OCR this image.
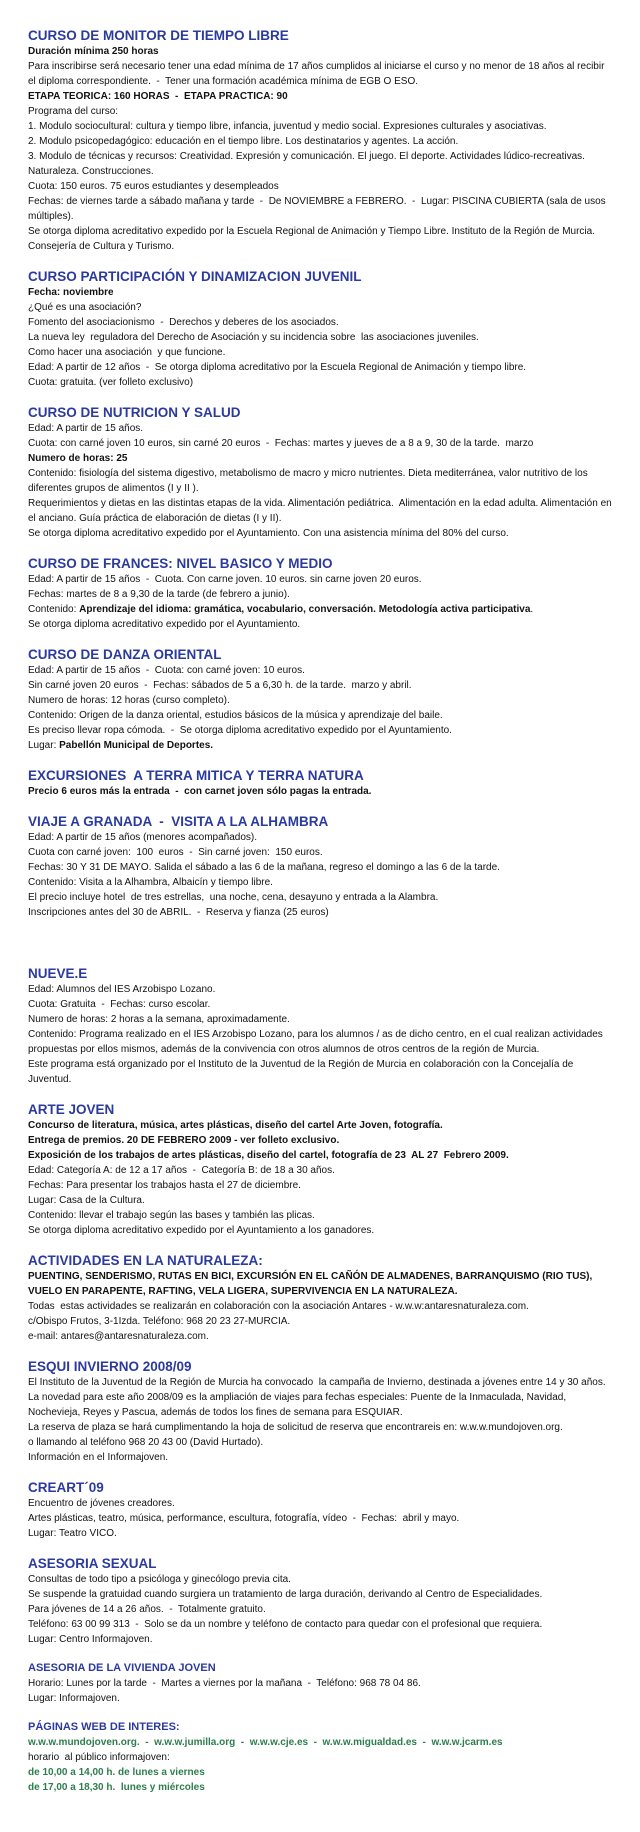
CURSO DE MONITOR DE TIEMPO LIBRE
Duración mínima 250 horas
Para inscribirse será necesario tener una edad mínima de 17 años cumplidos al iniciarse el curso y no menor de 18 años al recibir el diploma correspondiente.  -  Tener una formación académica mínima de EGB O ESO.
ETAPA TEORICA: 160 HORAS  -  ETAPA PRACTICA: 90
Programa del curso:
1. Modulo sociocultural: cultura y tiempo libre, infancia, juventud y medio social. Expresiones culturales y asociativas.
2. Modulo psicopedagógico: educación en el tiempo libre. Los destinatarios y agentes. La acción.
3. Modulo de técnicas y recursos: Creatividad. Expresión y comunicación. El juego. El deporte. Actividades lúdico-recreativas. Naturaleza. Construcciones.
Cuota: 150 euros. 75 euros estudiantes y desempleados
Fechas: de viernes tarde a sábado mañana y tarde  -  De NOVIEMBRE a FEBRERO.  -  Lugar: PISCINA CUBIERTA (sala de usos múltiples).
Se otorga diploma acreditativo expedido por la Escuela Regional de Animación y Tiempo Libre. Instituto de la Región de Murcia. Consejería de Cultura y Turismo.
CURSO PARTICIPACIÓN Y DINAMIZACION JUVENIL
Fecha: noviembre
¿Qué es una asociación?
Fomento del asociacionismo  -  Derechos y deberes de los asociados.
La nueva ley  reguladora del Derecho de Asociación y su incidencia sobre  las asociaciones juveniles.
Como hacer una asociación  y que funcione.
Edad: A partir de 12 años  -  Se otorga diploma acreditativo por la Escuela Regional de Animación y tiempo libre.
Cuota: gratuita. (ver folleto exclusivo)
CURSO DE NUTRICION Y SALUD
Edad: A partir de 15 años.
Cuota: con carné joven 10 euros, sin carné 20 euros  -  Fechas: martes y jueves de a 8 a 9, 30 de la tarde.  marzo
Numero de horas: 25
Contenido: fisiología del sistema digestivo, metabolismo de macro y micro nutrientes. Dieta mediterránea, valor nutritivo de los diferentes grupos de alimentos (I y II ).
Requerimientos y dietas en las distintas etapas de la vida. Alimentación pediátrica.  Alimentación en la edad adulta. Alimentación en el anciano. Guía práctica de elaboración de dietas (I y II).
Se otorga diploma acreditativo expedido por el Ayuntamiento. Con una asistencia mínima del 80% del curso.
CURSO DE FRANCES: NIVEL BASICO Y MEDIO
Edad: A partir de 15 años  -  Cuota. Con carne joven. 10 euros. sin carne joven 20 euros.
Fechas: martes de 8 a 9,30 de la tarde (de febrero a junio).
Contenido: Aprendizaje del idioma: gramática, vocabulario, conversación. Metodología activa participativa.
Se otorga diploma acreditativo expedido por el Ayuntamiento.
CURSO DE DANZA ORIENTAL
Edad: A partir de 15 años  -  Cuota: con carné joven: 10 euros.
Sin carné joven 20 euros  -  Fechas: sábados de 5 a 6,30 h. de la tarde.  marzo y abril.
Numero de horas: 12 horas (curso completo).
Contenido: Origen de la danza oriental, estudios básicos de la música y aprendizaje del baile.
Es preciso llevar ropa cómoda.  -  Se otorga diploma acreditativo expedido por el Ayuntamiento.
Lugar: Pabellón Municipal de Deportes.
EXCURSIONES  A TERRA MITICA Y TERRA NATURA
Precio 6 euros más la entrada  -  con carnet joven sólo pagas la entrada.
VIAJE A GRANADA  -  VISITA A LA ALHAMBRA
Edad: A partir de 15 años (menores acompañados).
Cuota con carné joven:  100  euros  -  Sin carné joven:  150 euros.
Fechas: 30 Y 31 DE MAYO. Salida el sábado a las 6 de la mañana, regreso el domingo a las 6 de la tarde.
Contenido: Visita a la Alhambra, Albaicín y tiempo libre.
El precio incluye hotel  de tres estrellas,  una noche, cena, desayuno y entrada a la Alambra.
Inscripciones antes del 30 de ABRIL.  -  Reserva y fianza (25 euros)
NUEVE.E
Edad: Alumnos del IES Arzobispo Lozano.
Cuota: Gratuita  -  Fechas: curso escolar.
Numero de horas: 2 horas a la semana, aproximadamente.
Contenido: Programa realizado en el IES Arzobispo Lozano, para los alumnos / as de dicho centro, en el cual realizan actividades propuestas por ellos mismos, además de la convivencia con otros alumnos de otros centros de la región de Murcia.
Este programa está organizado por el Instituto de la Juventud de la Región de Murcia en colaboración con la Concejalía de Juventud.
ARTE JOVEN
Concurso de literatura, música, artes plásticas, diseño del cartel Arte Joven, fotografía.
Entrega de premios. 20 DE FEBRERO 2009 - ver folleto exclusivo.
Exposición de los trabajos de artes plásticas, diseño del cartel, fotografía de 23  AL 27  Febrero 2009.
Edad: Categoría A: de 12 a 17 años  -  Categoría B: de 18 a 30 años.
Fechas: Para presentar los trabajos hasta el 27 de diciembre.
Lugar: Casa de la Cultura.
Contenido: llevar el trabajo según las bases y también las plicas.
Se otorga diploma acreditativo expedido por el Ayuntamiento a los ganadores.
ACTIVIDADES EN LA NATURALEZA:
PUENTING, SENDERISMO, RUTAS EN BICI, EXCURSIÓN EN EL CAÑÓN DE ALMADENES, BARRANQUISMO (RIO TUS), VUELO EN PARAPENTE, RAFTING, VELA LIGERA, SUPERVIVENCIA EN LA NATURALEZA.
Todas  estas actividades se realizarán en colaboración con la asociación Antares - w.w.w:antaresnaturaleza.com.
c/Obispo Frutos, 3-1Izda. Teléfono: 968 20 23 27-MURCIA.
e-mail: antares@antaresnaturaleza.com.
ESQUI INVIERNO 2008/09
El Instituto de la Juventud de la Región de Murcia ha convocado  la campaña de Invierno, destinada a jóvenes entre 14 y 30 años.
La novedad para este año 2008/09 es la ampliación de viajes para fechas especiales: Puente de la Inmaculada, Navidad, Nochevieja, Reyes y Pascua, además de todos los fines de semana para ESQUIAR.
La reserva de plaza se hará cumplimentando la hoja de solicitud de reserva que encontrareis en: w.w.w.mundojoven.org.
o llamando al teléfono 968 20 43 00 (David Hurtado).
Información en el Informajoven.
CREART´09
Encuentro de jóvenes creadores.
Artes plásticas, teatro, música, performance, escultura, fotografía, vídeo  -  Fechas:  abril y mayo.
Lugar: Teatro VICO.
ASESORIA SEXUAL
Consultas de todo tipo a psicóloga y ginecólogo previa cita.
Se suspende la gratuidad cuando surgiera un tratamiento de larga duración, derivando al Centro de Especialidades.
Para jóvenes de 14 a 26 años.  -  Totalmente gratuito.
Teléfono: 63 00 99 313  -  Solo se da un nombre y teléfono de contacto para quedar con el profesional que requiera.
Lugar: Centro Informajoven.
ASESORIA DE LA VIVIENDA JOVEN
Horario: Lunes por la tarde  -  Martes a viernes por la mañana  -  Teléfono: 968 78 04 86.
Lugar: Informajoven.
PÁGINAS WEB DE INTERES:
w.w.w.mundojoven.org.  -  w.w.w.jumilla.org  -  w.w.w.cje.es  -  w.w.w.migualdad.es  -  w.w.w.jcarm.es
horario  al público informajoven:
de 10,00 a 14,00 h. de lunes a viernes
de 17,00 a 18,30 h.  lunes y miércoles
